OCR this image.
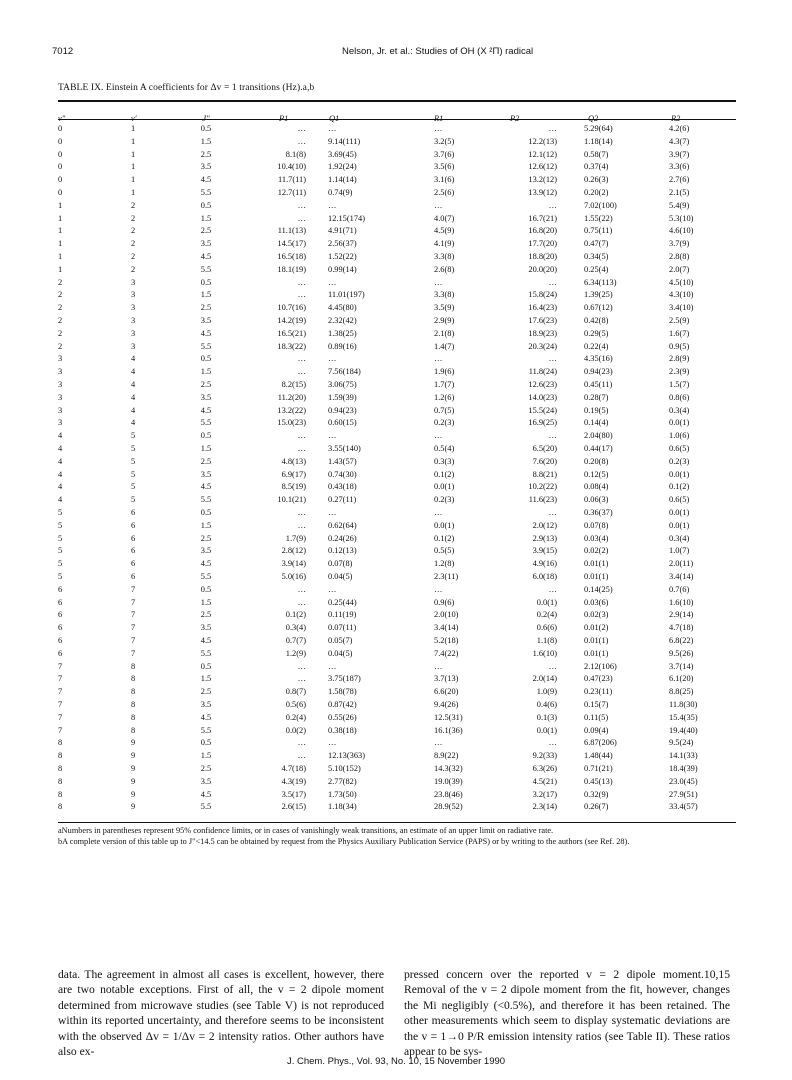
7012	Nelson, Jr. et al.: Studies of OH (X ²Π) radical
TABLE IX. Einstein A coefficients for Δv = 1 transitions (Hz).a,b
v"	v′	J"	P1	Q1	R1	P2	Q2	R2
0	1	0.5	…	…	…	…	5.29(64)	4.2(6)
0	1	1.5	…	9.14(111)	3.2(5)	12.2(13)	1.18(14)	4.3(7)
0	1	2.5	8.1(8)	3.69(45)	3.7(6)	12.1(12)	0.58(7)	3.9(7)
0	1	3.5	10.4(10)	1.92(24)	3.5(6)	12.6(12)	0.37(4)	3.3(6)
0	1	4.5	11.7(11)	1.14(14)	3.1(6)	13.2(12)	0.26(3)	2.7(6)
0	1	5.5	12.7(11)	0.74(9)	2.5(6)	13.9(12)	0.20(2)	2.1(5)
1	2	0.5	…	…	…	…	7.02(100)	5.4(9)
1	2	1.5	…	12.15(174)	4.0(7)	16.7(21)	1.55(22)	5.3(10)
1	2	2.5	11.1(13)	4.91(71)	4.5(9)	16.8(20)	0.75(11)	4.6(10)
1	2	3.5	14.5(17)	2.56(37)	4.1(9)	17.7(20)	0.47(7)	3.7(9)
1	2	4.5	16.5(18)	1.52(22)	3.3(8)	18.8(20)	0.34(5)	2.8(8)
1	2	5.5	18.1(19)	0.99(14)	2.6(8)	20.0(20)	0.25(4)	2.0(7)
2	3	0.5	…	…	…	…	6.34(113)	4.5(10)
2	3	1.5	…	11.01(197)	3.3(8)	15.8(24)	1.39(25)	4.3(10)
2	3	2.5	10.7(16)	4.45(80)	3.5(9)	16.4(23)	0.67(12)	3.4(10)
2	3	3.5	14.2(19)	2.32(42)	2.9(9)	17.6(23)	0.42(8)	2.5(9)
2	3	4.5	16.5(21)	1.38(25)	2.1(8)	18.9(23)	0.29(5)	1.6(7)
2	3	5.5	18.3(22)	0.89(16)	1.4(7)	20.3(24)	0.22(4)	0.9(5)
3	4	0.5	…	…	…	…	4.35(16)	2.8(9)
3	4	1.5	…	7.56(184)	1.9(6)	11.8(24)	0.94(23)	2.3(9)
3	4	2.5	8.2(15)	3.06(75)	1.7(7)	12.6(23)	0.45(11)	1.5(7)
3	4	3.5	11.2(20)	1.59(39)	1.2(6)	14.0(23)	0.28(7)	0.8(6)
3	4	4.5	13.2(22)	0.94(23)	0.7(5)	15.5(24)	0.19(5)	0.3(4)
3	4	5.5	15.0(23)	0.60(15)	0.2(3)	16.9(25)	0.14(4)	0.0(1)
4	5	0.5	…	…	…	…	2.04(80)	1.0(6)
4	5	1.5	…	3.55(140)	0.5(4)	6.5(20)	0.44(17)	0.6(5)
4	5	2.5	4.8(13)	1.43(57)	0.3(3)	7.6(20)	0.20(8)	0.2(3)
4	5	3.5	6.9(17)	0.74(30)	0.1(2)	8.8(21)	0.12(5)	0.0(1)
4	5	4.5	8.5(19)	0.43(18)	0.0(1)	10.2(22)	0.08(4)	0.1(2)
4	5	5.5	10.1(21)	0.27(11)	0.2(3)	11.6(23)	0.06(3)	0.6(5)
5	6	0.5	…	…	…	…	0.36(37)	0.0(1)
5	6	1.5	…	0.62(64)	0.0(1)	2.0(12)	0.07(8)	0.0(1)
5	6	2.5	1.7(9)	0.24(26)	0.1(2)	2.9(13)	0.03(4)	0.3(4)
5	6	3.5	2.8(12)	0.12(13)	0.5(5)	3.9(15)	0.02(2)	1.0(7)
5	6	4.5	3.9(14)	0.07(8)	1.2(8)	4.9(16)	0.01(1)	2.0(11)
5	6	5.5	5.0(16)	0.04(5)	2.3(11)	6.0(18)	0.01(1)	3.4(14)
6	7	0.5	…	…	…	…	0.14(25)	0.7(6)
6	7	1.5	…	0.25(44)	0.9(6)	0.0(1)	0.03(6)	1.6(10)
6	7	2.5	0.1(2)	0.11(19)	2.0(10)	0.2(4)	0.02(3)	2.9(14)
6	7	3.5	0.3(4)	0.07(11)	3.4(14)	0.6(6)	0.01(2)	4.7(18)
6	7	4.5	0.7(7)	0.05(7)	5.2(18)	1.1(8)	0.01(1)	6.8(22)
6	7	5.5	1.2(9)	0.04(5)	7.4(22)	1.6(10)	0.01(1)	9.5(26)
7	8	0.5	…	…	…	…	2.12(106)	3.7(14)
7	8	1.5	…	3.75(187)	3.7(13)	2.0(14)	0.47(23)	6.1(20)
7	8	2.5	0.8(7)	1.58(78)	6.6(20)	1.0(9)	0.23(11)	8.8(25)
7	8	3.5	0.5(6)	0.87(42)	9.4(26)	0.4(6)	0.15(7)	11.8(30)
7	8	4.5	0.2(4)	0.55(26)	12.5(31)	0.1(3)	0.11(5)	15.4(35)
7	8	5.5	0.0(2)	0.38(18)	16.1(36)	0.0(1)	0.09(4)	19.4(40)
8	9	0.5	…	…	…	…	6.87(206)	9.5(24)
8	9	1.5	…	12.13(363)	8.9(22)	9.2(33)	1.48(44)	14.1(33)
8	9	2.5	4.7(18)	5.10(152)	14.3(32)	6.3(26)	0.71(21)	18.4(39)
8	9	3.5	4.3(19)	2.77(82)	19.0(39)	4.5(21)	0.45(13)	23.0(45)
8	9	4.5	3.5(17)	1.73(50)	23.8(46)	3.2(17)	0.32(9)	27.9(51)
8	9	5.5	2.6(15)	1.18(34)	28.9(52)	2.3(14)	0.26(7)	33.4(57)
aNumbers in parentheses represent 95% confidence limits, or in cases of vanishingly weak transitions, an estimate of an upper limit on radiative rate.
bA complete version of this table up to J"<14.5 can be obtained by request from the Physics Auxiliary Publication Service (PAPS) or by writing to the authors (see Ref. 28).
data. The agreement in almost all cases is excellent, however, there are two notable exceptions. First of all, the v = 2 dipole moment determined from microwave studies (see Table V) is not reproduced within its reported uncertainty, and therefore seems to be inconsistent with the observed Δv = 1/Δv = 2 intensity ratios. Other authors have also ex-
pressed concern over the reported v = 2 dipole moment.10,15 Removal of the v = 2 dipole moment from the fit, however, changes the Mi negligibly (<0.5%), and therefore it has been retained. The other measurements which seem to display systematic deviations are the v = 1→0 P/R emission intensity ratios (see Table II). These ratios appear to be sys-
J. Chem. Phys., Vol. 93, No. 10, 15 November 1990
